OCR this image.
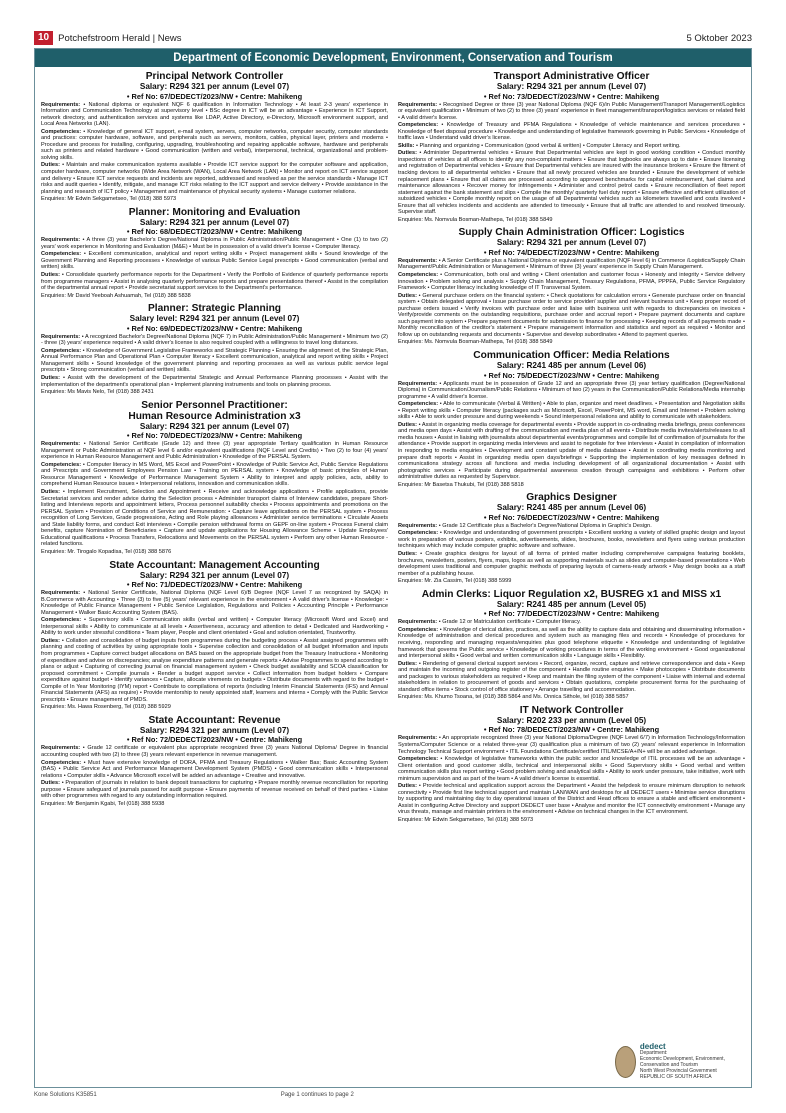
10 Potchefstroom Herald | News	5 Oktober 2023
Department of Economic Development, Environment, Conservation and Tourism
Principal Network Controller
Salary: R294 321 per annum (Level 07)
• Ref No: 67/DEDECT/2023/NW • Centre: Mahikeng
Requirements: • National diploma or equivalent NQF 6 qualification in Information Technology • At least 2-3 years' experience in Information and Communication Technology at supervisory level • BSc degree in ICT will be an advantage • Experience in ICT Support, network directory, and authentication services and systems like LDAP, Active Directory, e-Directory, Microsoft environment support, and Local Area Networks (LAN).
Competencies: • Knowledge of general ICT support, e-mail system, servers, computer networks, computer security, computer standards and practices: computer hardware, software, and peripherals such as servers, monitors, cables, physical layer, printers and modems • Procedure and process for installing, configuring, upgrading, troubleshooting and repairing applicable software, hardware and peripherals such as printers and related hardware • Good communication (written and verbal), interpersonal, technical, organizational and problem-solving skills.
Duties: • Maintain and make communication systems available • Provide ICT service support for the computer software and application, computer hardware, computer networks (Wide Area Network (WAN), Local Area Network (LAN) • Monitor and report on ICT service support and delivery • Ensure ICT service requests and incidents are reported, addressed and resolved as per the service standards • Manage ICT risks and audit queries • Identify, mitigate, and manage ICT risks relating to the ICT support and service delivery • Provide assistance in the planning and research of ICT policy • Management and maintenance of physical security systems • Manage customer relations.
Enquiries: Mr Edwin Sekgametseo, Tel (018) 388 5973
Planner: Monitoring and Evaluation
Salary: R294 321 per annum (Level 07)
• Ref No: 68/DEDECT/2023/NW • Centre: Mahikeng
Requirements: • A three (3) year Bachelor's Degree/National Diploma in Public Administration/Public Management • One (1) to two (2) years' work experience in Monitoring and Evaluation (M&E) • Must be in possession of a valid driver's license • Computer literacy.
Competencies: • Excellent communication, analytical and report writing skills • Project management skills • Sound knowledge of the Government Planning and Reporting processes • Knowledge of various Public Service Legal prescripts • Good communication (verbal and written) skills.
Duties: • Consolidate quarterly performance reports for the Department • Verify the Portfolio of Evidence of quarterly performance reports from programme managers • Assist in analysing quarterly performance reports and prepare presentations thereof • Assist in the compilation of the departmental annual report • Provide secretariat support services to the Department's performance.
Enquiries: Mr David Yeeboah Ashuamah, Tel (018) 388 5838
Planner: Strategic Planning
Salary level: R294 321 per annum (Level 07)
• Ref No: 69/DEDECT/2023/NW • Centre: Mahikeng
Requirements: • A recognized Bachelor's Degree/National Diploma (NQF 7) in Public Administration/Public Management • Minimum two (2) - three (3) years' experience required • A valid driver's license is also required coupled with a willingness to travel long distances.
Competencies: • Knowledge of Government Legislative Frameworks and Strategic Planning • Ensuring the alignment of, the Strategic Plan, Annual Performance Plan and Operational Plan • Computer literacy • Excellent communication, analytical and report writing skills • Project Management skills • Sound knowledge of the government planning and reporting processes as well as various public service legal prescripts • Strong communication (verbal and written) skills.
Duties: • Assist with the development of the Departmental Strategic and Annual Performance Planning processes • Assist with the implementation of the department's operational plan • Implement planning instruments and tools on planning process.
Enquiries: Ms Mavis Nelo, Tel (018) 388 2431
Senior Personnel Practitioner:
Human Resource Administration x3
Salary: R294 321 per annum (Level 07)
• Ref No: 70/DEDECT/2023/NW • Centre: Mahikeng
Requirements: • National Senior Certificate (Grade 12) and three (3) year appropriate Tertiary qualification in Human Resource Management or Public Administration at NQF level 6 and/or equivalent qualifications (NQF Level and Credits) • Two (2) to four (4) years' experience in Human Resource Management and Public Administration • Knowledge of the PERSAL System.
Competencies: • Computer literacy in MS Word, MS Excel and PowerPoint • Knowledge of Public Service Act, Public Service Regulations and Prescripts and Government Employees Pension Law • Training on PERSAL system • Knowledge of basic principles of Human Resource Management • Knowledge of Performance Management System • Ability to interpret and apply policies, acts, ability to comprehend Human Resource issues • Interpersonal relations, innovation and communication skills.
Duties: • Implement Recruitment, Selection and Appointment • Receive and acknowledge applications • Profile applications, provide Secretariat services and render advice during the Selection process • Administer transport claims of Interview candidates, prepare Short-listing and Interviews reports and appointment letters, Process personnel suitability checks • Process appointments and promotions on the PERSAL System • Provision of Conditions of Service and Remuneration: • Capture leave applications on the PERSAL system • Process recognition of Long Services, Grade progressions, Acting and Role playing allowances • Administer service terminations • Circulate Assets and State liability forms, and conduct Exit interviews • Compile pension withdrawal forms on GEPF on-line system • Process Funeral claim benefits, capture Nomination of Beneficiaries • Capture and update applications for Housing Allowance Scheme • Update Employees' Educational qualifications • Process Transfers, Relocations and Movements on the PERSAL system • Perform any other Human Resource - related functions.
Enquiries: Mr. Tirogalo Kopadisa, Tel (018) 388 5876
State Accountant: Management Accounting
Salary: R294 321 per annum (Level 07)
• Ref No: 71/DEDECT/2023/NW • Centre: Mahikeng
Requirements: • National Senior Certificate, National Diploma (NQF Level 6)/B Degree (NQF Level 7 as recognized by SAQA) in B.Commerce with Accounting • Three (3) to five (5) years' relevant experience in the environment • A valid driver's license • Knowledge: • Knowledge of Public Finance Management • Public Service Legislation, Regulations and Policies • Accounting Principle • Performance Management • Walker Basic Accounting System (BAS).
Competencies: • Supervisory skills • Communication skills (verbal and written) • Computer literacy (Microsoft Word and Excel) and Interpersonal skills • Ability to communicate at all levels • Assertiveness, accuracy and attention to detail • Dedicated and Hardworking • Ability to work under stressful conditions • Team player, People and client orientated • Goal and solution orientated, Trustworthy.
Duties: • Collation and consolidation of budget inputs from programmes during the budgeting process • Assist assigned programmes with planning and costing of activities by using appropriate tools • Supervise collection and consolidation of all budget information and inputs from programmes • Capture correct budget allocations on BAS based on the appropriate budget from the Treasury Instructions • Monitoring of expenditure and advise on discrepancies; analyse expenditure patterns and generate reports • Advise Programmes to spend according to plans or adjust • Capturing of correcting journal on financial management system • Check budget availability and SCOA classification for proposed commitment • Compile journals • Render a budget support service • Collect information from budget holders • Compare expenditure against budget • Identify variances • Capture, allocate virements on budgets • Distribute documents with regard to the budget • Compile of In Year Monitoring (IYM) report • Contribute to compilations of reports (including Interim Financial Statements (IFS) and Annual Financial Statements (AFS) as require) • Provide mentorship to newly appointed staff, learners and interns • Comply with the Public Service prescripts • Ensure management of PMDS.
Enquiries: Ms. Hawa Rosenberg, Tel (018) 388 5929
State Accountant: Revenue
Salary: R294 321 per annum (Level 07)
• Ref No: 72/DEDECT/2023/NW • Centre: Mahikeng
Requirements: • Grade 12 certificate or equivalent plus appropriate recognized three (3) years National Diploma/ Degree in financial accounting coupled with two (2) to three (3) years relevant experience in revenue management.
Competencies: • Must have extensive knowledge of DORA, PFMA and Treasury Regulations • Walker Bas; Basic Accounting System (BAS) • Public Service Act and Performance Management Development System (PMDS) • Good communication skills • Interpersonal relations • Computer skills • Advance Microsoft excel will be added an advantage • Creative and innovative.
Duties: • Preparation of journals in relation to bank deposit transactions for capturing • Prepare monthly revenue reconciliation for reporting purpose • Ensure safeguard of journals passed for audit purpose • Ensure payments of revenue received on behalf of third parties • Liaise with other programmes with regard to any outstanding information required.
Enquiries: Mr Benjamin Kgabi, Tel (018) 388 5938
Transport Administrative Officer
Salary: R294 321 per annum (Level 07)
• Ref No: 73/DEDECT/2023/NW • Centre: Mahikeng
Requirements: • Recognised Degree or three (3) year National Diploma (NQF 6)/in Public Management/Transport Management/Logistics or equivalent qualification • Minimum of two (2) to three (3) years' experience in fleet management/transport/logistics services or related field • A valid driver's license.
Competencies: • Knowledge of Treasury and PFMA Regulations • Knowledge of vehicle maintenance and services procedures • Knowledge of fleet disposal procedure • Knowledge and understanding of legislative framework governing in Public Services • Knowledge of traffic laws • Understand valid driver's license.
Skills: • Planning and organizing • Communication (good verbal & written) • Computer Literacy and Report writing.
Duties: • Administer Departmental vehicles • Ensure that Departmental vehicles are kept in good working condition • Conduct monthly inspections of vehicles at all offices to identify any non-complaint matters • Ensure that logbooks are always up to date • Ensure licensing and registration of Departmental vehicles • Ensure that Departmental vehicles are insured with the insurance brokers • Ensure the fitment of tracking devices to all departmental vehicles • Ensure that all newly procured vehicles are branded • Ensure the development of vehicle replacement plans • Ensure that all claims are processed according to approved benchmarks for capital reimbursement, fuel claims and maintenance allowances • Recover money for infringements • Administer and control petrol cards • Ensure reconciliation of fleet report statement against the bank statement and slips • Compile the monthly/ quarterly fuel duty report • Ensure effective and efficient utilization of subsidized vehicles • Compile monthly report on the usage of all Departmental vehicles such as kilometers travelled and costs involved • Ensure that all vehicles incidents and accidents are attended to timeously • Ensure that all traffic are attended to and resolved timeously. Supervise staff.
Enquiries: Ms. Nomvula Bosman-Mathepa, Tel (018) 388 5849
Supply Chain Administration Officer: Logistics
Salary: R294 321 per annum (Level 07)
• Ref No: 74/DEDECT/2023/NW • Centre: Mahikeng
Requirements: • A Senior Certificate plus a National Diploma or equivalent qualification (NQF level 6) in Commerce /Logistics/Supply Chain Management/Public Administration or Management • Minimum of three (3) years' experience in Supply Chain Management.
Competencies: • Communication, both oral and writing • Client orientation and customer focus • Honesty and integrity • Service delivery innovation • Problem solving and analysis • Supply Chain Management, Treasury Regulations, PFMA, PPPFA, Public Service Regulatory Framework • Computer literacy including knowledge of IT Transversal System.
Duties: • General purchase orders on the financial system: • Check quotations for calculation errors • Generate purchase order on financial system • Obtain delegated approval • Issue purchase order to service provider/ supplier and relevant business unit • Keep proper record of purchase orders issued • Verify invoices with purchase order and liaise with business unit with regards to discrepancies on invoices • Verify/provide comments on the outstanding requisitions, purchase order and accrual report • Prepare payment documents and capture such payment into system • Prepare payment documents for submission to finance for processing • Keeping records of all payments made • Monthly reconciliation of the creditor's statement • Prepare management information and statistics and report as required • Monitor and follow up on outstanding requests and documents • Supervise and develop subordinates • Attend to payment queries.
Enquiries: Ms. Nomvula Bosman-Mathepa, Tel (018) 388 5849
Communication Officer: Media Relations
Salary: R241 485 per annum (Level 06)
• Ref No: 75/DEDECT/2023/NW • Centre: Mahikeng
Requirements: • Applicants must be in possession of Grade 12 and an appropriate three (3) year tertiary qualification (Degree/National Diploma) in Communication/Journalism/Public Relations • Minimum of two (2) years in the Communication/Public Relations/Media internship programme • A valid driver's license.
Competencies: • Able to communicate (Verbal & Written) • Able to plan, organize and meet deadlines. • Presentation and Negotiation skills • Report writing skills • Computer literacy (packages such as Microsoft, Excel, PowerPoint, MS word, Email and Internet • Problem solving skills • Able to work under pressure and during weekends • Sound interpersonal relations and ability to communicate with stakeholders.
Duties: • Assist in organizing media coverage for departmental events • Provide support in co-ordinating media briefings, press conferences and media open days • Assist with drafting of the communication and media plan of all events • Distribute media invites/alerts/releases to all media houses • Assist in liaising with journalists about departmental events/programmes and compile list of confirmation of journalists for the attendance • Provide support in organizing media interviews and assist to negotiate for free interviews • Assist in compilation of information in responding to media enquiries • Development and constant update of media database • Assist in coordinating media monitoring and prepare draft reports • Assist in organizing media open days/briefings • Supporting the implementation of key messages defined in communications strategy across all functions and media including development of all organizational documentation • Assist with photographic services • Participate during departmental awareness creation through campaigns and exhibitions • Perform other administrative duties as requested by Supervisor.
Enquiries: Mr Basetsa Thukubi, Tel (018) 388 5818
Graphics Designer
Salary: R241 485 per annum (Level 06)
• Ref No: 76/DEDECT/2023/NW • Centre: Mahikeng
Requirements: • Grade 12 Certificate plus a Bachelor's Degree/National Diploma in Graphic's Design.
Competencies: • Knowledge and understanding of government prescripts • Excellent working a variety of skilled graphic design and layout work in preparation of various posters, exhibits, advertisements, slides, brochures, books, newsletters and flyers using various production techniques which may include computer graphic software and software.
Duties: • Create graphics designs for layout of all forms of printed matter including comprehensive campaigns featuring booklets, brochures, newsletters, posters, flyers, maps, logos as well as supporting materials such as slides and computer-based presentations • Web development uses traditional and computer graphic methods of preparing layouts of camera-ready artwork • May design books as a staff member of a publishing house.
Enquiries: Mr. Zia Cassim, Tel (018) 388 5999
Admin Clerks: Liquor Regulation x2, BUSREG x1 and MISS x1
Salary: R241 485 per annum (Level 05)
• Ref No: 77/DEDECT/2023/NW • Centre: Mahikeng
Requirements: • Grade 12 or Matriculation certificate • Computer literacy.
Competencies: • Knowledge of clerical duties, practices, as well as the ability to capture data and obtaining and disseminating information • Knowledge of administration and clerical procedures and system such as managing files and records • Knowledge of procedures for receiving, responding and managing requests/enquiries plus good telephone etiquette • Knowledge and understanding of legislative framework that governs the Public service • Knowledge of working procedures in terms of the working environment • Good organizational and interpersonal skills • Good verbal and written communication skills • Language skills • Flexibility.
Duties: • Rendering of general clerical support services • Record, organize, record, capture and retrieve correspondence and data • Keep and maintain the incoming and outgoing register of the component • Handle routine enquiries • Make photocopies • Distribute documents and packages to various stakeholders as required • Keep and maintain the filing system of the component • Liaise with internal and external stakeholders in relation to procurement of goods and services • Obtain quotations, complete procurement forms for the purchasing of standard office items • Stock control of office stationery • Arrange travelling and accommodation.
Enquiries: Ms. Khumo Tsoana, tel (018) 388 5864 and Ms. Onnica Sithole, tel (018) 388 5857
IT Network Controller
Salary: R202 233 per annum (Level 05)
• Ref No: 78/DEDECT/2023/NW • Centre: Mahikeng
Requirements: • An appropriate recognized three (3) year National Diploma/Degree (NQF Level 6/7) in Information Technology/Information Systems/Computer Science or a related three-year (3) qualification plus a minimum of two (2) years' relevant experience in Information Technology Technical Support environment • ITIL Foundations Certificate/certified ITIL/MCSE/A+/N+ will be an added advantage.
Competencies: • Knowledge of legislative frameworks within the public sector and knowledge of ITIL processes will be an advantage • Client orientation and good customer skills, technical and interpersonal skills • Good Supervisory skills • Good verbal and written communication skills plus report writing • Good problem solving and analytical skills • Ability to work under pressure, take initiative, work with minimum supervision and as part of the team • A valid driver's license is essential.
Duties: • Provide technical and application support across the Department • Assist the helpdesk to ensure minimum disruption to network connectivity • Provide first line technical support and maintain LAN/WAN and desktops for all DEDECT users • Minimise service disruptions by supporting and maintaining day to day operational issues of the District and Head offices to ensure a stable and efficient environment • Assist in configuring Active Directory and support DEDECT user base • Analyse and monitor the ICT connectivity environment • Manage any virus threats, manage and maintain printers in the environment • Advise on technical changes in the ICT environment.
Enquiries: Mr Edwin Sekgametseo, Tel (018) 388 5973
dedect
Department:
Economic Development, Environment, Conservation and Tourism
North West Provincial Government
REPUBLIC OF SOUTH AFRICA
Kone Solutions K35851	Page 1 continues to page 2
